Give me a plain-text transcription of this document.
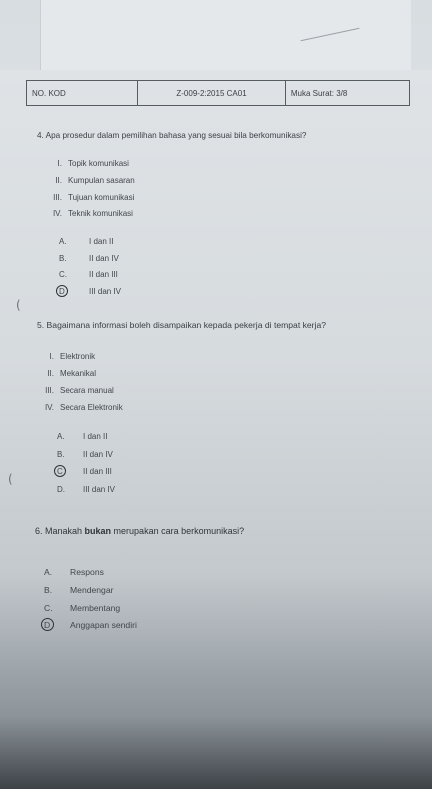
NO. KOD	Z-009-2:2015 CA01	Muka Surat: 3/8
4. Apa prosedur dalam pemilihan bahasa yang sesuai bila berkomunikasi?
I. Topik komunikasi
II. Kumpulan sasaran
III. Tujuan komunikasi
IV. Teknik komunikasi
A.	I dan II
B.	II dan IV
C.	II dan III
D	III dan IV
(
5. Bagaimana informasi boleh disampaikan kepada pekerja di tempat kerja?
I. Elektronik
II. Mekanikal
III. Secara manual
IV. Secara Elektronik
A. I dan II
B. II dan IV
C	II dan III
D. III dan IV
(
6. Manakah bukan merupakan cara berkomunikasi?
A. Respons
B. Mendengar
C. Membentang
D Anggapan sendiri
